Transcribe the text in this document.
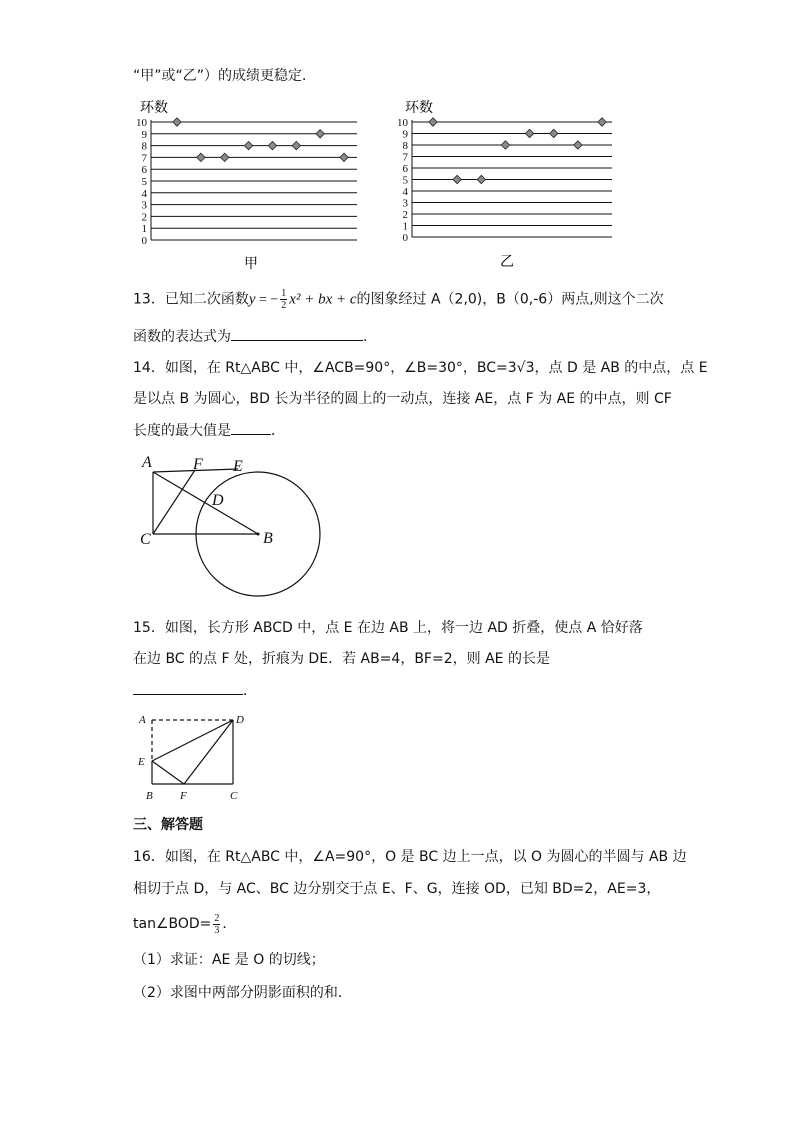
“甲”或“乙”）的成绩更稳定．
环数
0
1
2
3
4
5
6
7
8
9
10
甲
环数
0
1
2
3
4
5
6
7
8
9
10
乙
13．已知二次函数y = − $\frac{1}{2} x^2$ + bx + c的图象经过 A（2,0)，B（0,-6）两点,则这个二次
函数的表达式为	.
14．如图，在 Rt△ABC 中，∠ACB=90°，∠B=30°，BC=3√3，点 D 是 AB 的中点，点 E
是以点 B 为圆心，BD 长为半径的圆上的一动点，连接 AE，点 F 为 AE 的中点，则 CF
长度的最大值是	．
A	F E
D
C	B
15．如图，长方形 ABCD 中，点 E 在边 AB 上，将一边 AD 折叠，使点 A 恰好落
在边 BC 的点 F 处，折痕为 DE．若 AB=4，BF=2，则 AE 的长是
．
A	D
E
B F	C
三、解答题
16．如图，在 Rt△ABC 中，∠A=90°，O 是 BC 边上一点，以 O 为圆心的半圆与 AB 边
相切于点 D，与 AC、BC 边分别交于点 E、F、G，连接 OD，已知 BD=2，AE=3，
tan∠BOD= $\frac{2}{3}$ ．
（1）求证：AE 是 O 的切线；
（2）求图中两部分阴影面积的和．
